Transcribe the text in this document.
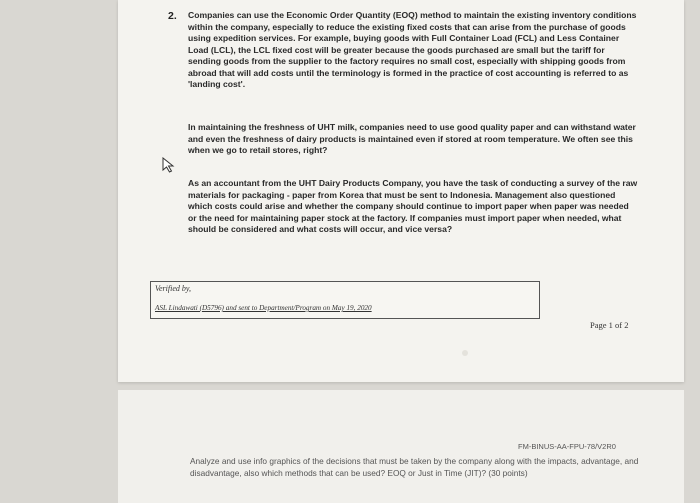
2. Companies can use the Economic Order Quantity (EOQ) method to maintain the existing inventory conditions within the company, especially to reduce the existing fixed costs that can arise from the purchase of goods using expedition services. For example, buying goods with Full Container Load (FCL) and Less Container Load (LCL), the LCL fixed cost will be greater because the goods purchased are small but the tariff for sending goods from the supplier to the factory requires no small cost, especially with shipping goods from abroad that will add costs until the terminology is formed in the practice of cost accounting is referred to as 'landing cost'.

In maintaining the freshness of UHT milk, companies need to use good quality paper and can withstand water and even the freshness of dairy products is maintained even if stored at room temperature. We often see this when we go to retail stores, right?

As an accountant from the UHT Dairy Products Company, you have the task of conducting a survey of the raw materials for packaging - paper from Korea that must be sent to Indonesia. Management also questioned which costs could arise and whether the company should continue to import paper when paper was needed or the need for maintaining paper stock at the factory. If companies must import paper when needed, what should be considered and what costs will occur, and vice versa?

Verified by,
ASL Lindawati (D5796) and sent to Department/Program on May 19, 2020
Page 1 of 2
FM-BINUS-AA-FPU-78/V2R0

Analyze and use info graphics of the decisions that must be taken by the company along with the impacts, advantage, and disadvantage, also which methods that can be used? EOQ or Just in Time (JIT)? (30 points)
